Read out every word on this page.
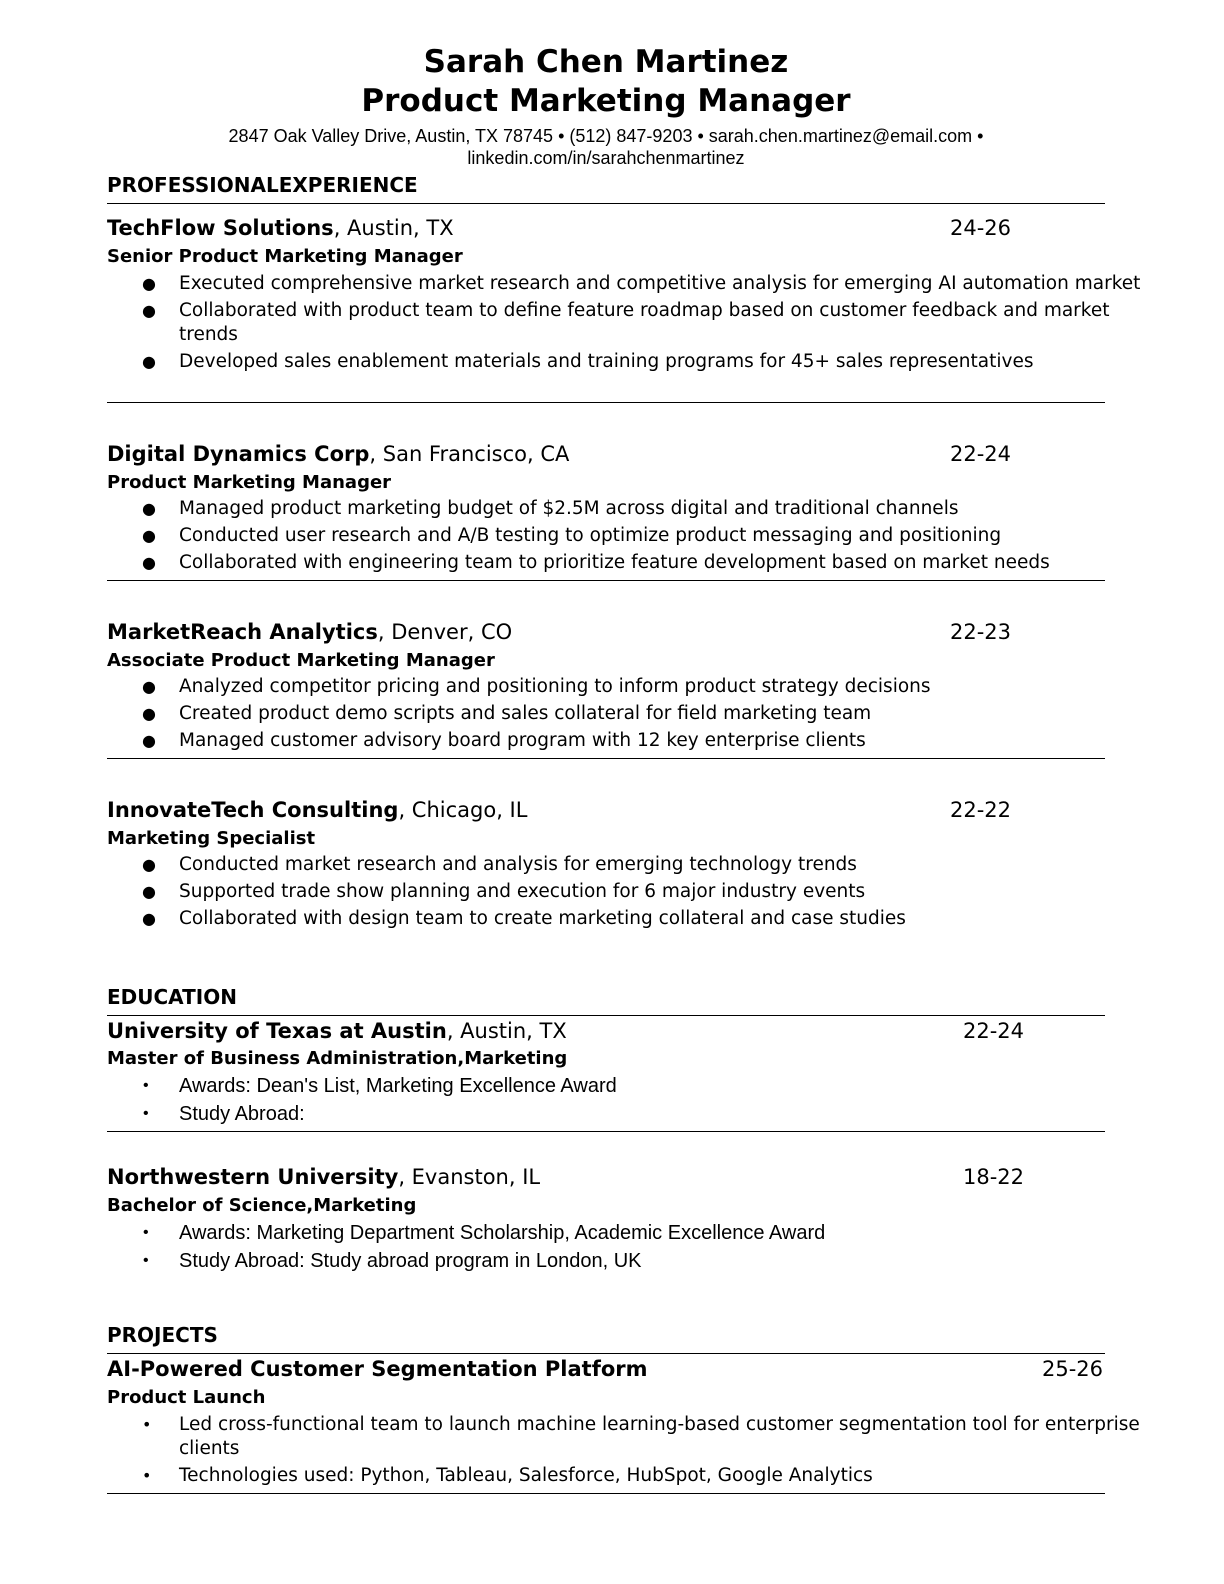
Sarah Chen Martinez
Product Marketing Manager
2847 Oak Valley Drive, Austin, TX 78745 • (512) 847-9203 • sarah.chen.martinez@email.com •
linkedin.com/in/sarahchenmartinez
PROFESSIONALEXPERIENCE
TechFlow Solutions, Austin, TX	24-26
Senior Product Marketing Manager
● Executed comprehensive market research and competitive analysis for emerging AI automation market
● Collaborated with product team to define feature roadmap based on customer feedback and market trends
● Developed sales enablement materials and training programs for 45+ sales representatives
Digital Dynamics Corp, San Francisco, CA	22-24
Product Marketing Manager
● Managed product marketing budget of $2.5M across digital and traditional channels
● Conducted user research and A/B testing to optimize product messaging and positioning
● Collaborated with engineering team to prioritize feature development based on market needs
MarketReach Analytics, Denver, CO	22-23
Associate Product Marketing Manager
● Analyzed competitor pricing and positioning to inform product strategy decisions
● Created product demo scripts and sales collateral for field marketing team
● Managed customer advisory board program with 12 key enterprise clients
InnovateTech Consulting, Chicago, IL	22-22
Marketing Specialist
● Conducted market research and analysis for emerging technology trends
● Supported trade show planning and execution for 6 major industry events
● Collaborated with design team to create marketing collateral and case studies
EDUCATION
University of Texas at Austin, Austin, TX	22-24
Master of Business Administration,Marketing
• Awards: Dean's List, Marketing Excellence Award
• Study Abroad:
Northwestern University, Evanston, IL	18-22
Bachelor of Science,Marketing
• Awards: Marketing Department Scholarship, Academic Excellence Award
• Study Abroad: Study abroad program in London, UK
PROJECTS
AI-Powered Customer Segmentation Platform	25-26
Product Launch
• Led cross-functional team to launch machine learning-based customer segmentation tool for enterprise clients
• Technologies used: Python, Tableau, Salesforce, HubSpot, Google Analytics
